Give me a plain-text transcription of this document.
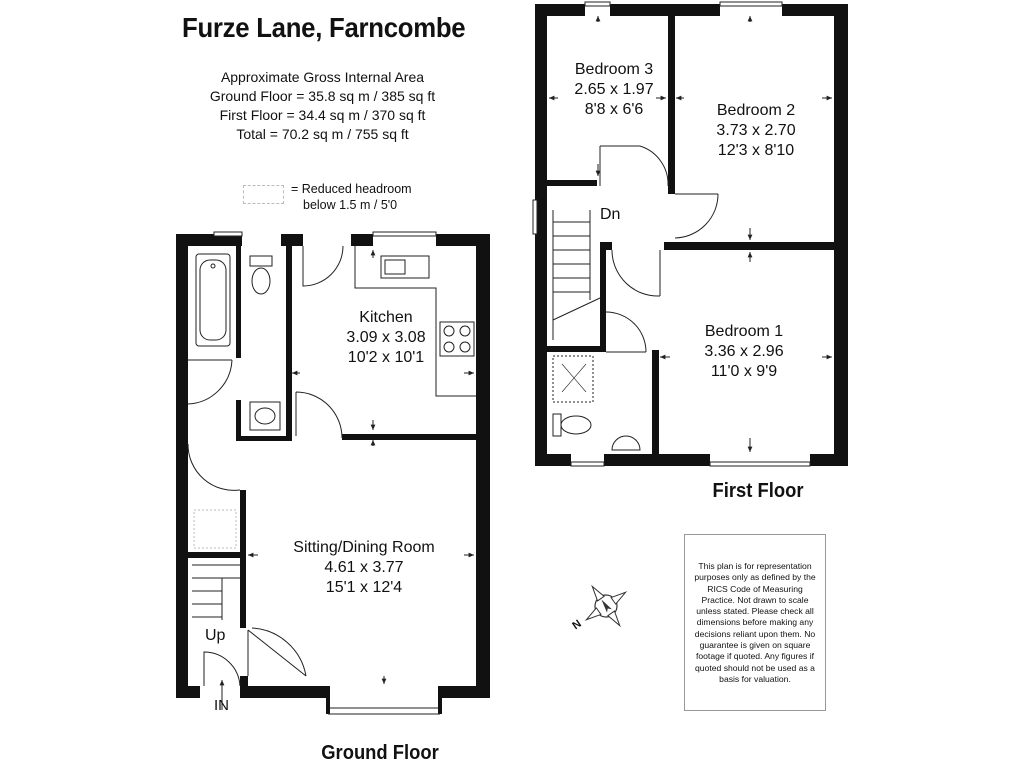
Furze Lane, Farncombe
Approximate Gross Internal Area
Ground Floor = 35.8 sq m / 385 sq ft
First Floor = 34.4 sq m / 370 sq ft
Total = 70.2 sq m / 755 sq ft
= Reduced headroom
below 1.5 m / 5'0
Kitchen
3.09 x 3.08
10'2 x 10'1
Sitting/Dining Room
4.61 x 3.77
15'1 x 12'4
Up
IN
Ground Floor
Bedroom 3
2.65 x 1.97
8'8 x 6'6	Bedroom 2
3.73 x 2.70
12'3 x 8'10
Bedroom 1
3.36 x 2.96
11'0 x 9'9
Dn
First Floor
N
This plan is for representation purposes only as defined by the RICS Code of Measuring Practice. Not drawn to scale unless stated. Please check all dimensions before making any decisions reliant upon them. No guarantee is given on square footage if quoted. Any figures if quoted should not be used as a basis for valuation.
